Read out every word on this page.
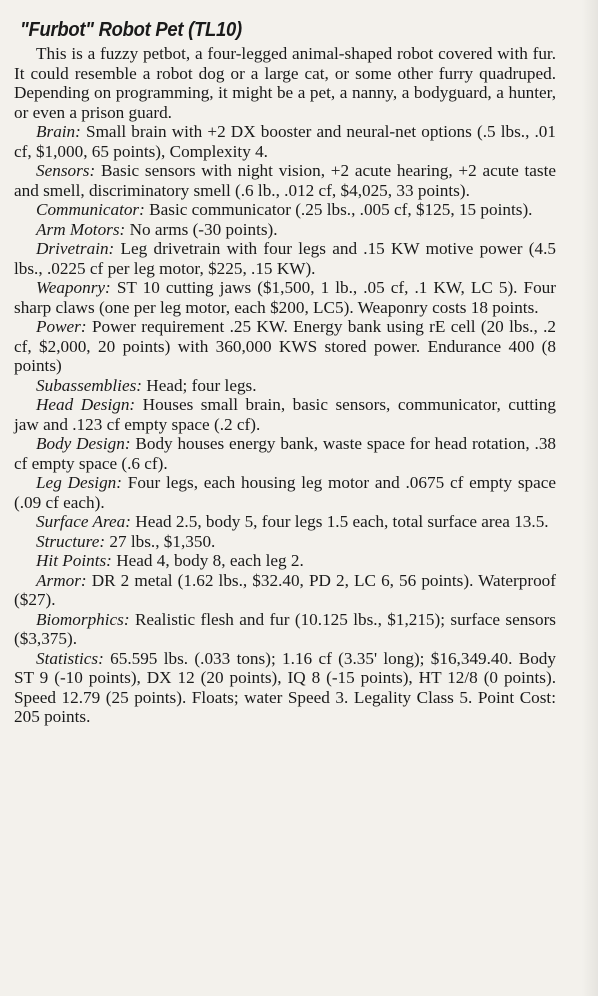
"Furbot" Robot Pet (TL10)

This is a fuzzy petbot, a four-legged animal-shaped robot covered with fur. It could resemble a robot dog or a large cat, or some other furry quadruped. Depending on programming, it might be a pet, a nanny, a bodyguard, a hunter, or even a prison guard.

Brain: Small brain with +2 DX booster and neural-net options (.5 lbs., .01 cf, $1,000, 65 points), Complexity 4.

Sensors: Basic sensors with night vision, +2 acute hearing, +2 acute taste and smell, discriminatory smell (.6 lb., .012 cf, $4,025, 33 points).

Communicator: Basic communicator (.25 lbs., .005 cf, $125, 15 points).

Arm Motors: No arms (-30 points).

Drivetrain: Leg drivetrain with four legs and .15 KW motive power (4.5 lbs., .0225 cf per leg motor, $225, .15 KW).

Weaponry: ST 10 cutting jaws ($1,500, 1 lb., .05 cf, .1 KW, LC 5). Four sharp claws (one per leg motor, each $200, LC5). Weaponry costs 18 points.

Power: Power requirement .25 KW. Energy bank using rE cell (20 lbs., .2 cf, $2,000, 20 points) with 360,000 KWS stored power. Endurance 400 (8 points)

Subassemblies: Head; four legs.

Head Design: Houses small brain, basic sensors, communicator, cutting jaw and .123 cf empty space (.2 cf).

Body Design: Body houses energy bank, waste space for head rotation, .38 cf empty space (.6 cf).

Leg Design: Four legs, each housing leg motor and .0675 cf empty space (.09 cf each).

Surface Area: Head 2.5, body 5, four legs 1.5 each, total surface area 13.5.

Structure: 27 lbs., $1,350.

Hit Points: Head 4, body 8, each leg 2.

Armor: DR 2 metal (1.62 lbs., $32.40, PD 2, LC 6, 56 points). Waterproof ($27).

Biomorphics: Realistic flesh and fur (10.125 lbs., $1,215); surface sensors ($3,375).

Statistics: 65.595 lbs. (.033 tons); 1.16 cf (3.35' long); $16,349.40. Body ST 9 (-10 points), DX 12 (20 points), IQ 8 (-15 points), HT 12/8 (0 points). Speed 12.79 (25 points). Floats; water Speed 3. Legality Class 5. Point Cost: 205 points.
